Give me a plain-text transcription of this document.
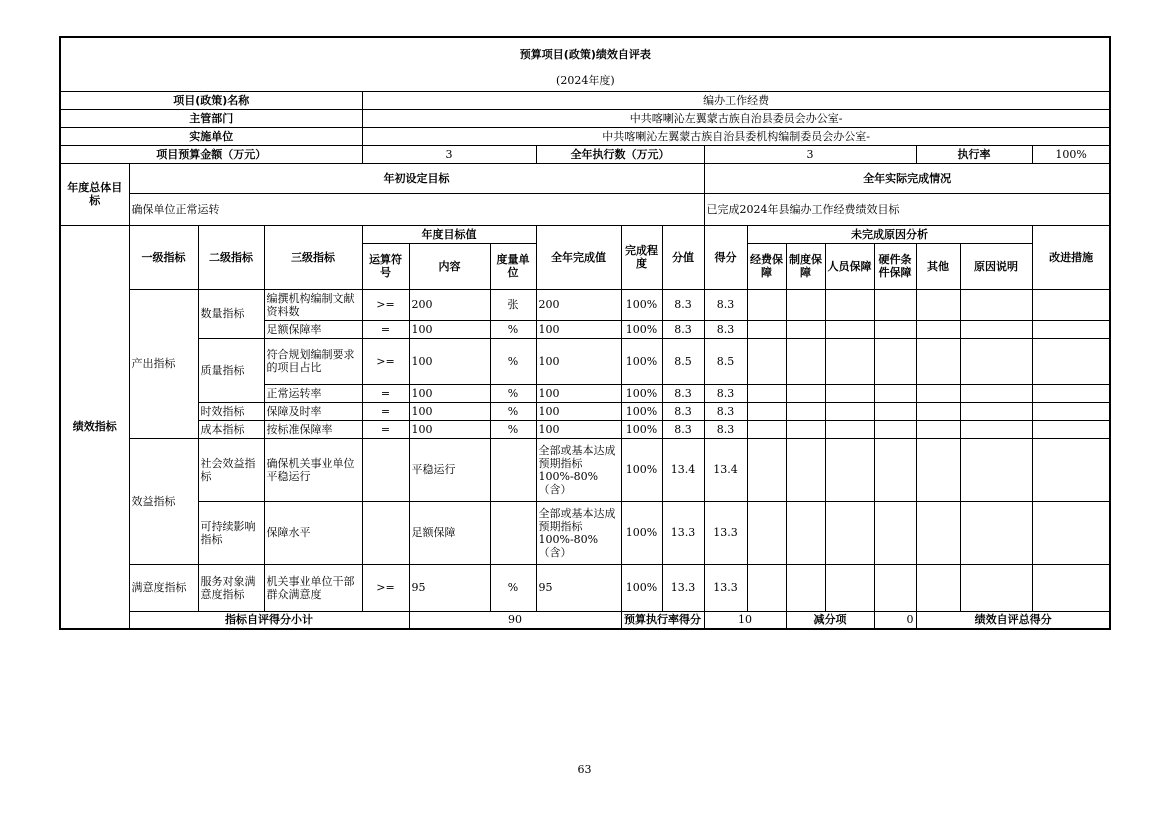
预算项目(政策)绩效自评表																		
(2024年度)																		
项目(政策)名称				编办工作经费														
主管部门				中共喀喇沁左翼蒙古族自治县委员会办公室-														
实施单位				中共喀喇沁左翼蒙古族自治县委机构编制委员会办公室-														
项目预算金额（万元）				3			全年执行数（万元）			3					执行率		100%	
年度总体目标	年初设定目标									全年实际完成情况								
	确保单位正常运转									已完成2024年县编办工作经费绩效目标								
绩效指标	一级指标	二级指标	三级指标	年度目标值			全年完成值	完成程度	分值	得分	未完成原因分析						改进措施	
				运算符号	内容	度量单位					经费保障	制度保障	人员保障	硬件条件保障	其他	原因说明		
	产出指标	数量指标	编撰机构编制文献资料数	>=	200	张	200	100%	8.3	8.3								
			足额保障率	=	100	%	100	100%	8.3	8.3								
		质量指标	符合规划编制要求的项目占比	>=	100	%	100	100%	8.5	8.5								
			正常运转率	=	100	%	100	100%	8.3	8.3								
		时效指标	保障及时率	=	100	%	100	100%	8.3	8.3								
		成本指标	按标准保障率	=	100	%	100	100%	8.3	8.3								
	效益指标	社会效益指标	确保机关事业单位平稳运行		平稳运行		全部或基本达成预期指标100%-80%（含）	100%	13.4	13.4								
		可持续影响指标	保障水平		足额保障		全部或基本达成预期指标100%-80%（含）	100%	13.3	13.3								
	满意度指标	服务对象满意度指标	机关事业单位干部群众满意度	>=	95	%	95	100%	13.3	13.3								
	指标自评得分小计				90			预算执行率得分		10		减分项		0	绩效自评总得分	
63
